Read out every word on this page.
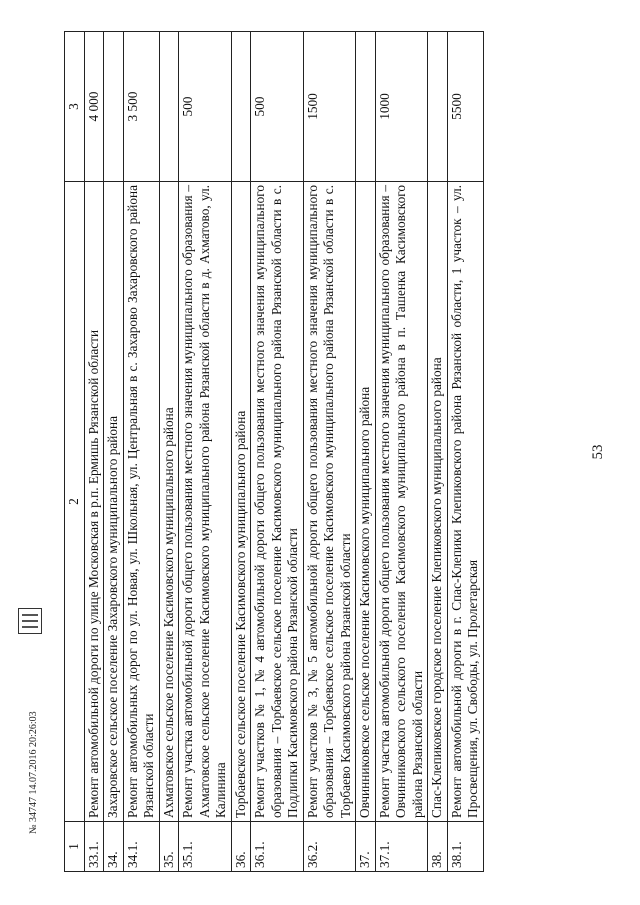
1	2	3
33.1.	Ремонт автомобильной дороги по улице Московская в р.п. Ермишь Рязанской области	4 000
34.	Захаровское сельское поселение Захаровского муниципального района	
34.1.	Ремонт автомобильных дорог по ул. Новая, ул. Школьная, ул. Центральная в с. Захарово Захаровского района Рязанской области	3 500
35.	Ахматовское сельское поселение Касимовского муниципального района	
35.1.	Ремонт участка автомобильной дороги общего пользования местного значения муниципального образования – Ахматовское сельское поселение Касимовского муниципального района Рязанской области в д. Ахматово, ул. Калинина	500
36.	Торбаевское сельское поселение Касимовского муниципального района	
36.1.	Ремонт участков № 1, № 4 автомобильной дороги общего пользования местного значения муниципального образования – Торбаевское сельское поселение Касимовского муниципального района Рязанской области в с. Подлипки Касимовского района Рязанской области	500
36.2.	Ремонт участков № 3, № 5 автомобильной дороги общего пользования местного значения муниципального образования – Торбаевское сельское поселение Касимовского муниципального района Рязанской области в с. Торбаево Касимовского района Рязанской области	1500
37.	Овчинниковское сельское поселение Касимовского муниципального района	
37.1.	Ремонт участка автомобильной дороги общего пользования местного значения муниципального образования – Овчинниковского сельского поселения Касимовского муниципального района в п. Ташенка Касимовского района Рязанской области	1000
38.	Спас-Клепиковское городское поселение Клепиковского муниципального района	
38.1.	Ремонт автомобильной дороги в г. Спас-Клепики Клепиковского района Рязанской области, 1 участок – ул. Просвещения, ул. Свободы, ул. Пролетарская	5500
53
№ 34747 14.07.2016 20:26:03
